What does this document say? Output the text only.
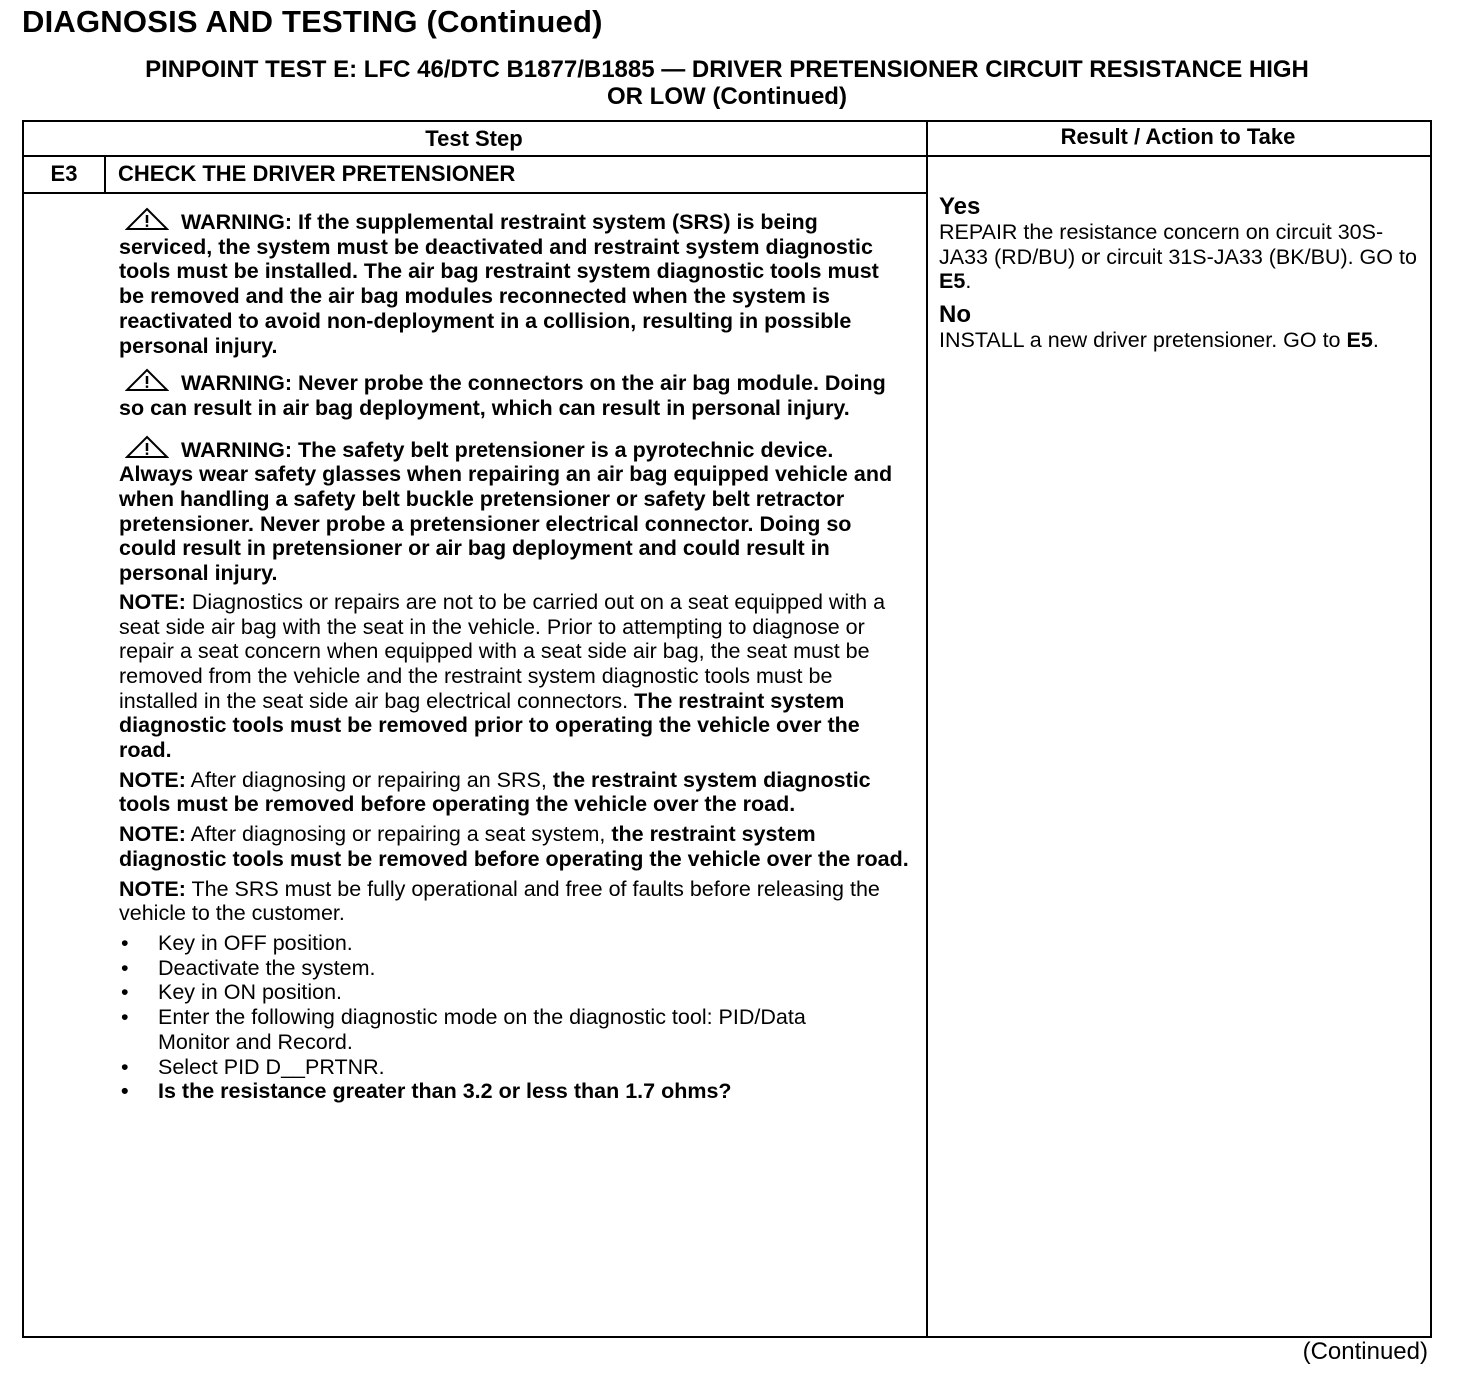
DIAGNOSIS AND TESTING (Continued)
PINPOINT TEST E: LFC 46/DTC B1877/B1885 — DRIVER PRETENSIONER CIRCUIT RESISTANCE HIGH
OR LOW (Continued)
Test Step	Result / Action to Take
E3	CHECK THE DRIVER PRETENSIONER
WARNING: If the supplemental restraint system (SRS) is being serviced, the system must be deactivated and restraint system diagnostic tools must be installed. The air bag restraint system diagnostic tools must be removed and the air bag modules reconnected when the system is reactivated to avoid non-deployment in a collision, resulting in possible personal injury.
WARNING: Never probe the connectors on the air bag module. Doing so can result in air bag deployment, which can result in personal injury.
WARNING: The safety belt pretensioner is a pyrotechnic device. Always wear safety glasses when repairing an air bag equipped vehicle and when handling a safety belt buckle pretensioner or safety belt retractor pretensioner. Never probe a pretensioner electrical connector. Doing so could result in pretensioner or air bag deployment and could result in personal injury.
NOTE: Diagnostics or repairs are not to be carried out on a seat equipped with a seat side air bag with the seat in the vehicle. Prior to attempting to diagnose or repair a seat concern when equipped with a seat side air bag, the seat must be removed from the vehicle and the restraint system diagnostic tools must be installed in the seat side air bag electrical connectors. The restraint system diagnostic tools must be removed prior to operating the vehicle over the road.
NOTE: After diagnosing or repairing an SRS, the restraint system diagnostic tools must be removed before operating the vehicle over the road.
NOTE: After diagnosing or repairing a seat system, the restraint system diagnostic tools must be removed before operating the vehicle over the road.
NOTE: The SRS must be fully operational and free of faults before releasing the vehicle to the customer.
• Key in OFF position.
• Deactivate the system.
• Key in ON position.
• Enter the following diagnostic mode on the diagnostic tool: PID/Data Monitor and Record.
• Select PID D__PRTNR.
• Is the resistance greater than 3.2 or less than 1.7 ohms?
Yes
REPAIR the resistance concern on circuit 30S-JA33 (RD/BU) or circuit 31S-JA33 (BK/BU). GO to E5.
No
INSTALL a new driver pretensioner. GO to E5.
(Continued)
